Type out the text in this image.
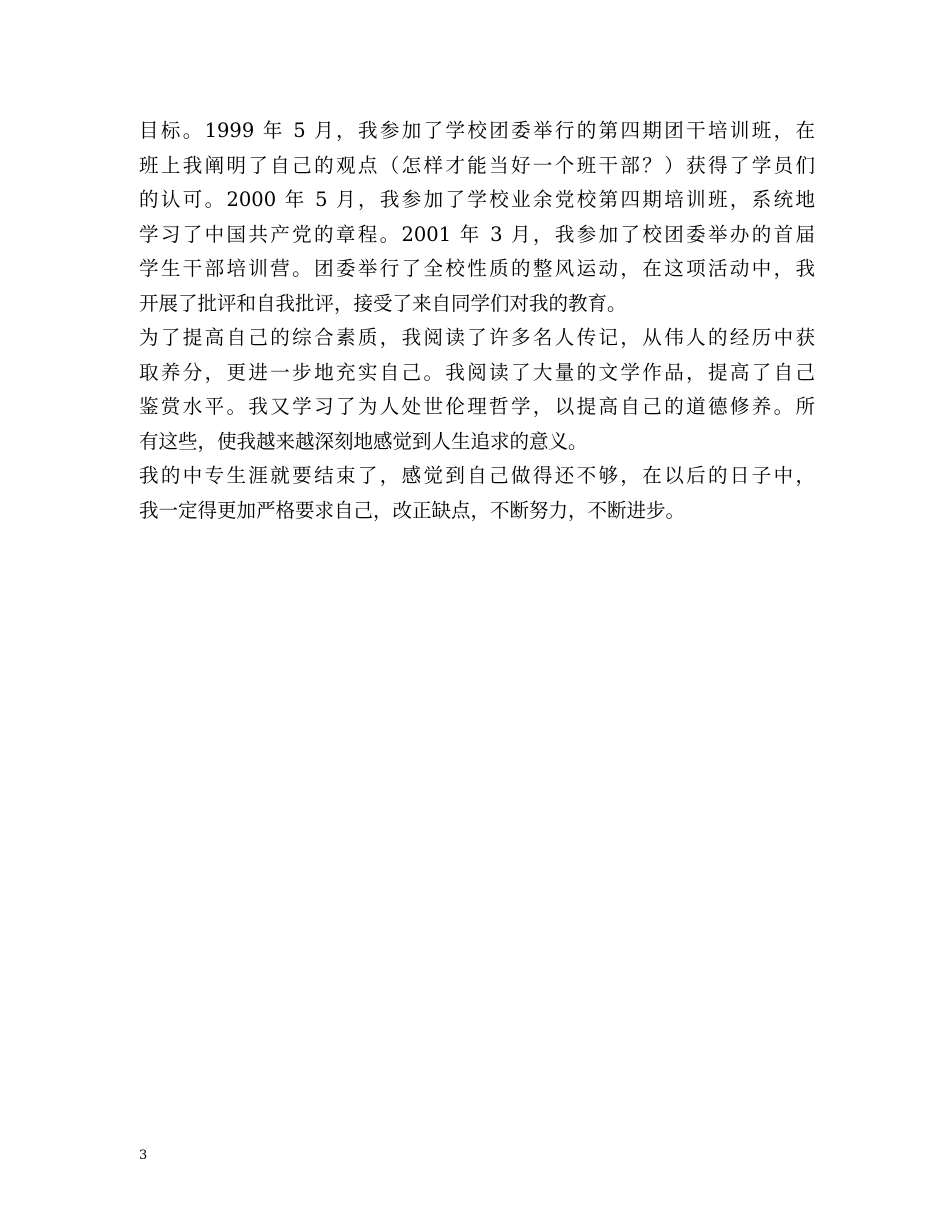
目标。1999 年 5 月，我参加了学校团委举行的第四期团干培训班，在
班上我阐明了自己的观点（怎样才能当好一个班干部？）获得了学员们
的认可。2000 年 5 月，我参加了学校业余党校第四期培训班，系统地
学习了中国共产党的章程。2001 年 3 月，我参加了校团委举办的首届
学生干部培训营。团委举行了全校性质的整风运动，在这项活动中，我
开展了批评和自我批评，接受了来自同学们对我的教育。
为了提高自己的综合素质，我阅读了许多名人传记，从伟人的经历中获
取养分，更进一步地充实自己。我阅读了大量的文学作品，提高了自己
鉴赏水平。我又学习了为人处世伦理哲学，以提高自己的道德修养。所
有这些，使我越来越深刻地感觉到人生追求的意义。
我的中专生涯就要结束了，感觉到自己做得还不够，在以后的日子中，
我一定得更加严格要求自己，改正缺点，不断努力，不断进步。
3
